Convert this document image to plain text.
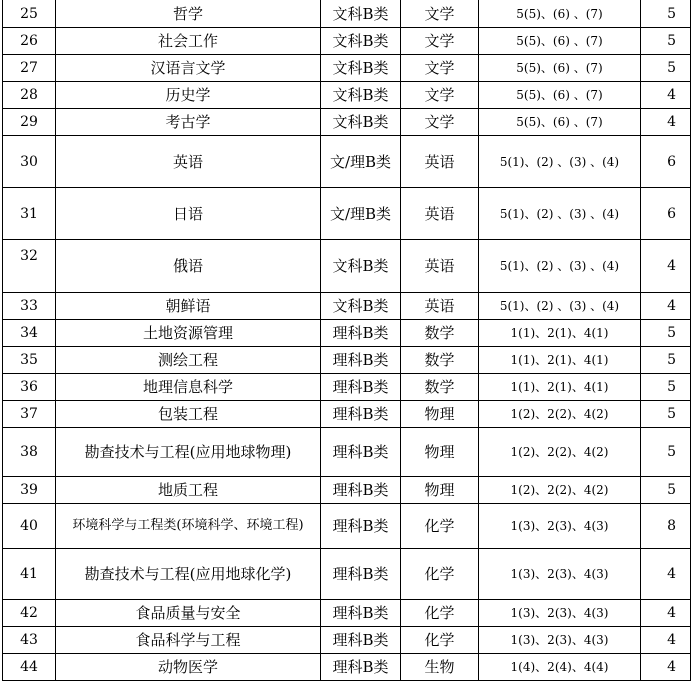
25	哲学	文科B类	文学	5(5)、(6) 、(7)	5
26	社会工作	文科B类	文学	5(5)、(6) 、(7)	5
27	汉语言文学	文科B类	文学	5(5)、(6) 、(7)	5
28	历史学	文科B类	文学	5(5)、(6) 、(7)	4
29	考古学	文科B类	文学	5(5)、(6) 、(7)	4
30	英语	文/理B类	英语	5(1)、(2) 、(3) 、(4)	6
31	日语	文/理B类	英语	5(1)、(2) 、(3) 、(4)	6
32	俄语	文科B类	英语	5(1)、(2) 、(3) 、(4)	4
33	朝鲜语	文科B类	英语	5(1)、(2) 、(3) 、(4)	4
34	土地资源管理	理科B类	数学	1(1)、2(1)、4(1)	5
35	测绘工程	理科B类	数学	1(1)、2(1)、4(1)	5
36	地理信息科学	理科B类	数学	1(1)、2(1)、4(1)	5
37	包装工程	理科B类	物理	1(2)、2(2)、4(2)	5
38	勘查技术与工程(应用地球物理)	理科B类	物理	1(2)、2(2)、4(2)	5
39	地质工程	理科B类	物理	1(2)、2(2)、4(2)	5
40	环境科学与工程类(环境科学、环境工程)	理科B类	化学	1(3)、2(3)、4(3)	8
41	勘查技术与工程(应用地球化学)	理科B类	化学	1(3)、2(3)、4(3)	4
42	食品质量与安全	理科B类	化学	1(3)、2(3)、4(3)	4
43	食品科学与工程	理科B类	化学	1(3)、2(3)、4(3)	4
44	动物医学	理科B类	生物	1(4)、2(4)、4(4)	4
